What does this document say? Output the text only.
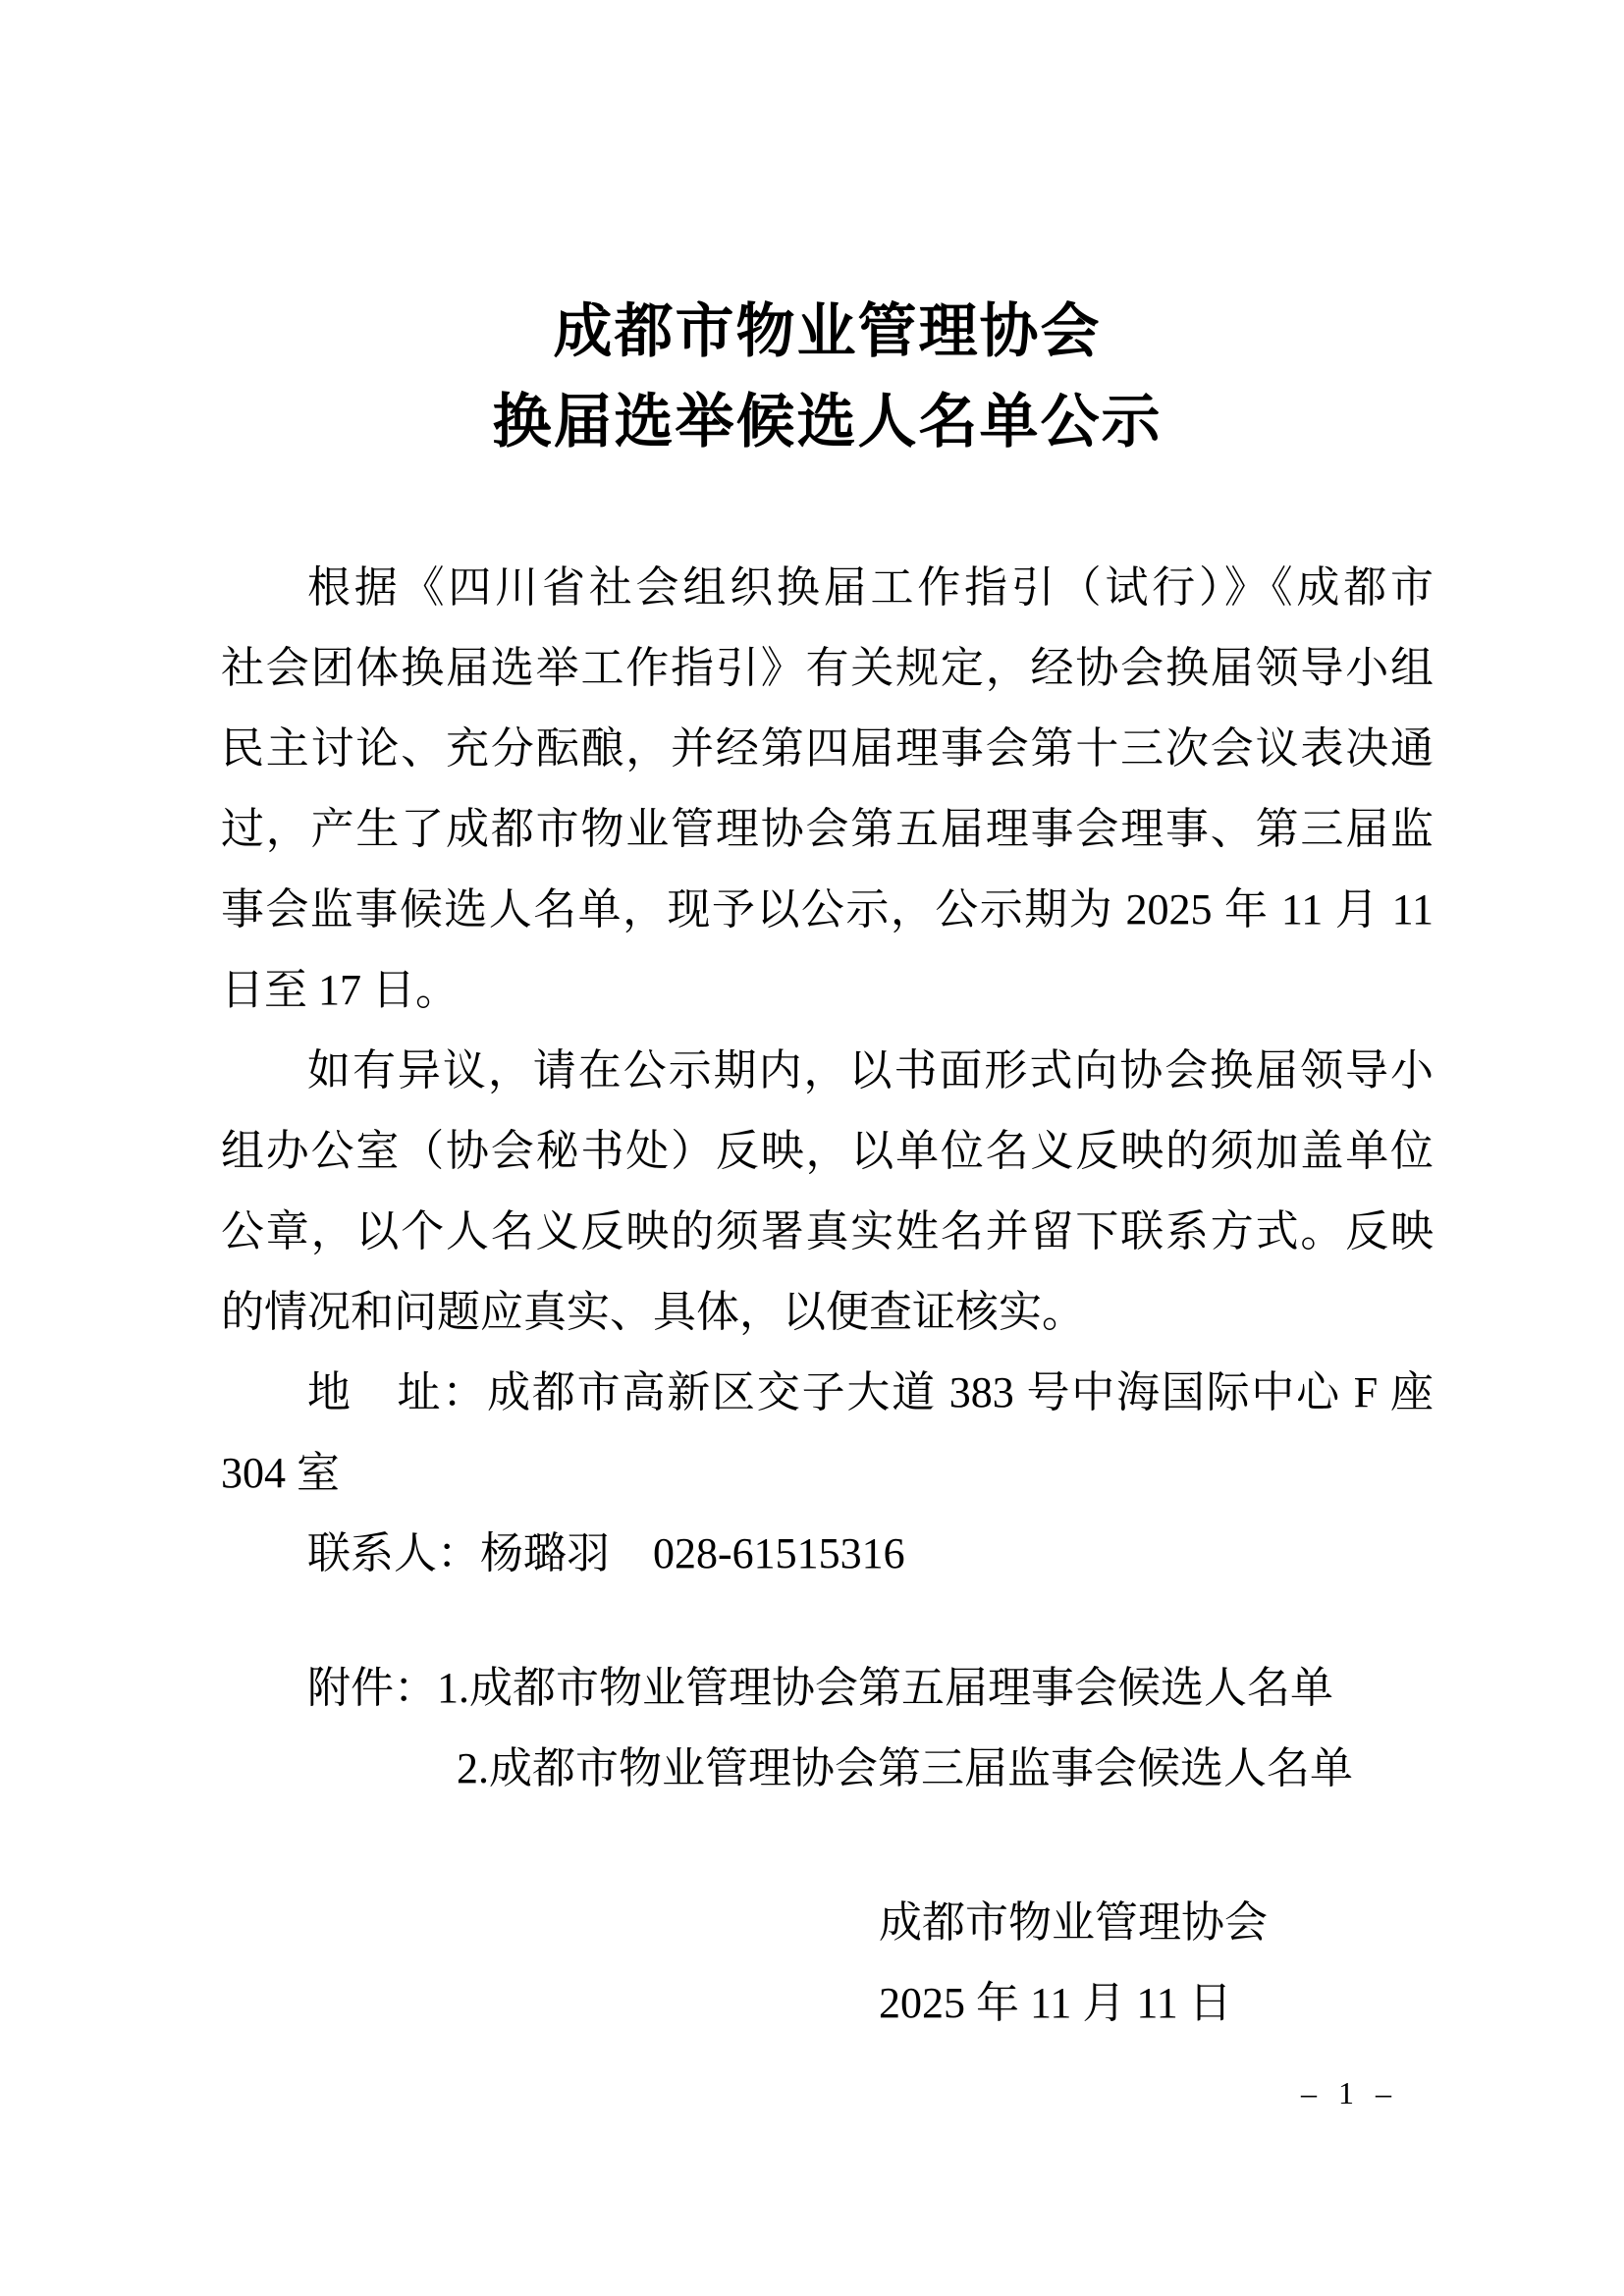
成都市物业管理协会
换届选举候选人名单公示
根据《四川省社会组织换届工作指引（试行）》《成都市
社会团体换届选举工作指引》有关规定，经协会换届领导小组
民主讨论、充分酝酿，并经第四届理事会第十三次会议表决通
过，产生了成都市物业管理协会第五届理事会理事、第三届监
事会监事候选人名单，现予以公示，公示期为 2025 年 11 月 11
日至 17 日。
如有异议，请在公示期内，以书面形式向协会换届领导小
组办公室（协会秘书处）反映，以单位名义反映的须加盖单位
公章，以个人名义反映的须署真实姓名并留下联系方式。反映
的情况和问题应真实、具体，以便查证核实。
地　址：成都市高新区交子大道 383 号中海国际中心 F 座
304 室
联系人：杨璐羽　028-61515316
附件：1.成都市物业管理协会第五届理事会候选人名单
2.成都市物业管理协会第三届监事会候选人名单
成都市物业管理协会
2025 年 11 月 11 日
– 1 –
